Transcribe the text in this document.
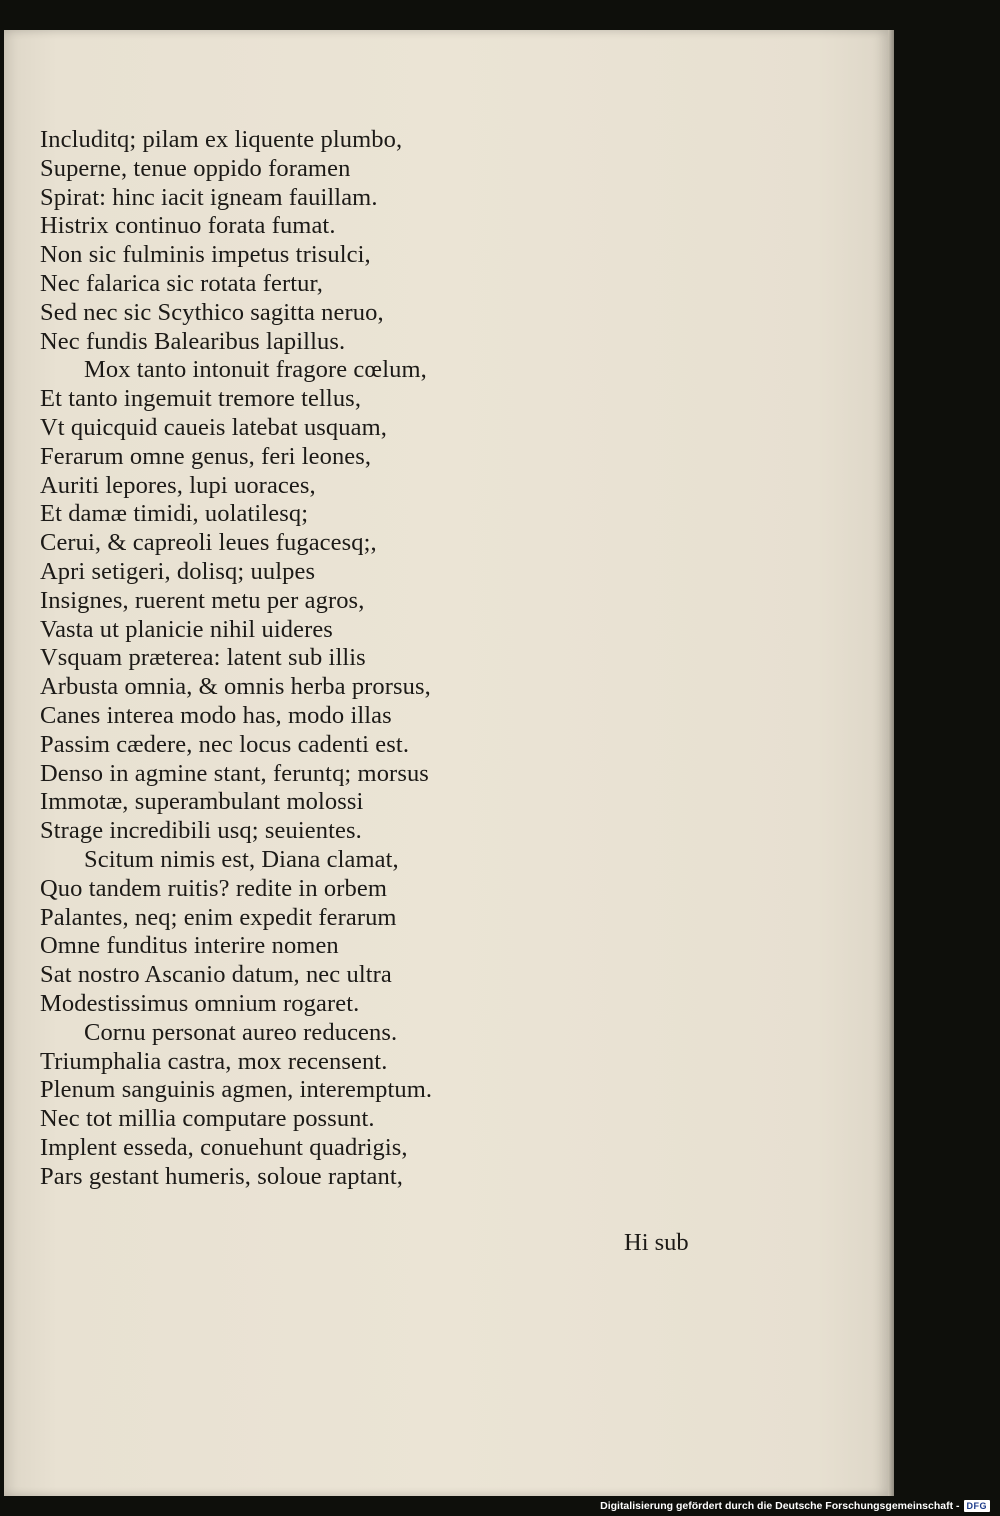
Includitq; pilam ex liquente plumbo,
Superne, tenue oppido foramen
Spirat: hinc iacit igneam fauillam.
Histrix continuo forata fumat.
Non sic fulminis impetus trisulci,
Nec falarica sic rotata fertur,
Sed nec sic Scythico sagitta neruo,
Nec fundis Balearibus lapillus.
Mox tanto intonuit fragore cœlum,
Et tanto ingemuit tremore tellus,
Vt quicquid caueis latebat usquam,
Ferarum omne genus, feri leones,
Auriti lepores, lupi uoraces,
Et damæ timidi, uolatilesq;
Cerui, & capreoli leues fugacesq;,
Apri setigeri, dolisq; uulpes
Insignes, ruerent metu per agros,
Vasta ut planicie nihil uideres
Vsquam præterea: latent sub illis
Arbusta omnia, & omnis herba prorsus,
Canes interea modo has, modo illas
Passim cædere, nec locus cadenti est.
Denso in agmine stant, feruntq; morsus
Immotæ, superambulant molossi
Strage incredibili usq; seuientes.
Scitum nimis est, Diana clamat,
Quo tandem ruitis? redite in orbem
Palantes, neq; enim expedit ferarum
Omne funditus interire nomen
Sat nostro Ascanio datum, nec ultra
Modestissimus omnium rogaret.
Cornu personat aureo reducens.
Triumphalia castra, mox recensent.
Plenum sanguinis agmen, interemptum.
Nec tot millia computare possunt.
Implent esseda, conuehunt quadrigis,
Pars gestant humeris, soloue raptant,
Hi sub
Digitalisierung gefördert durch die Deutsche Forschungsgemeinschaft - DFG
